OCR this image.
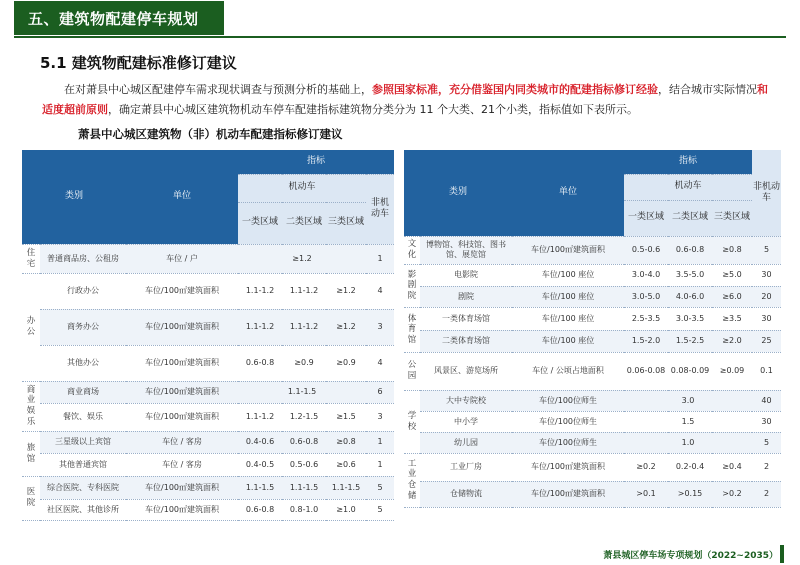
五、建筑物配建停车规划
5.1 建筑物配建标准修订建议
在对萧县中心城区配建停车需求现状调查与预测分析的基础上，参照国家标准，充分借鉴国内同类城市的配建指标修订经验，结合城市实际情况和适度超前原则，确定萧县中心城区建筑物机动车停车配建指标建筑物分类分为 11 个大类、21个小类，指标值如下表所示。
萧县中心城区建筑物（非）机动车配建指标修订建议
类别		单位	指标			
			机动车			非机动车
			一类区域	二类区域	三类区域	
住宅	普通商品房、公租房	车位 / 户	≥1.2			1
办公	行政办公	车位/100㎡建筑面积	1.1-1.2	1.1-1.2	≥1.2	4
	商务办公	车位/100㎡建筑面积	1.1-1.2	1.1-1.2	≥1.2	3
	其他办公	车位/100㎡建筑面积	0.6-0.8	≥0.9	≥0.9	4
商业娱乐	商业商场	车位/100㎡建筑面积	1.1-1.5			6
	餐饮、娱乐	车位/100㎡建筑面积	1.1-1.2	1.2-1.5	≥1.5	3
旅馆	三星级以上宾馆	车位 / 客房	0.4-0.6	0.6-0.8	≥0.8	1
	其他普通宾馆	车位 / 客房	0.4-0.5	0.5-0.6	≥0.6	1
医院	综合医院、专科医院	车位/100㎡建筑面积	1.1-1.5	1.1-1.5	1.1-1.5	5
	社区医院、其他诊所	车位/100㎡建筑面积	0.6-0.8	0.8-1.0	≥1.0	5
类别		单位	指标			非机动车
			机动车			
			一类区域	二类区域	三类区域	
文化	博物馆、科技馆、图书馆、展览馆	车位/100㎡建筑面积	0.5-0.6	0.6-0.8	≥0.8	5
影剧院	电影院	车位/100 座位	3.0-4.0	3.5-5.0	≥5.0	30
	剧院	车位/100 座位	3.0-5.0	4.0-6.0	≥6.0	20
体育馆	一类体育场馆	车位/100 座位	2.5-3.5	3.0-3.5	≥3.5	30
	二类体育场馆	车位/100 座位	1.5-2.0	1.5-2.5	≥2.0	25
公园	风景区、游览场所	车位 / 公顷占地面积	0.06-0.08	0.08-0.09	≥0.09	0.1
学校	大中专院校	车位/100位师生	3.0			40
	中小学	车位/100位师生	1.5			30
	幼儿园	车位/100位师生	1.0			5
工业仓储	工业厂房	车位/100㎡建筑面积	≥0.2	0.2-0.4	≥0.4	2
	仓储物流	车位/100㎡建筑面积	>0.1	>0.15	>0.2	2
萧县城区停车场专项规划（2022~2035）
